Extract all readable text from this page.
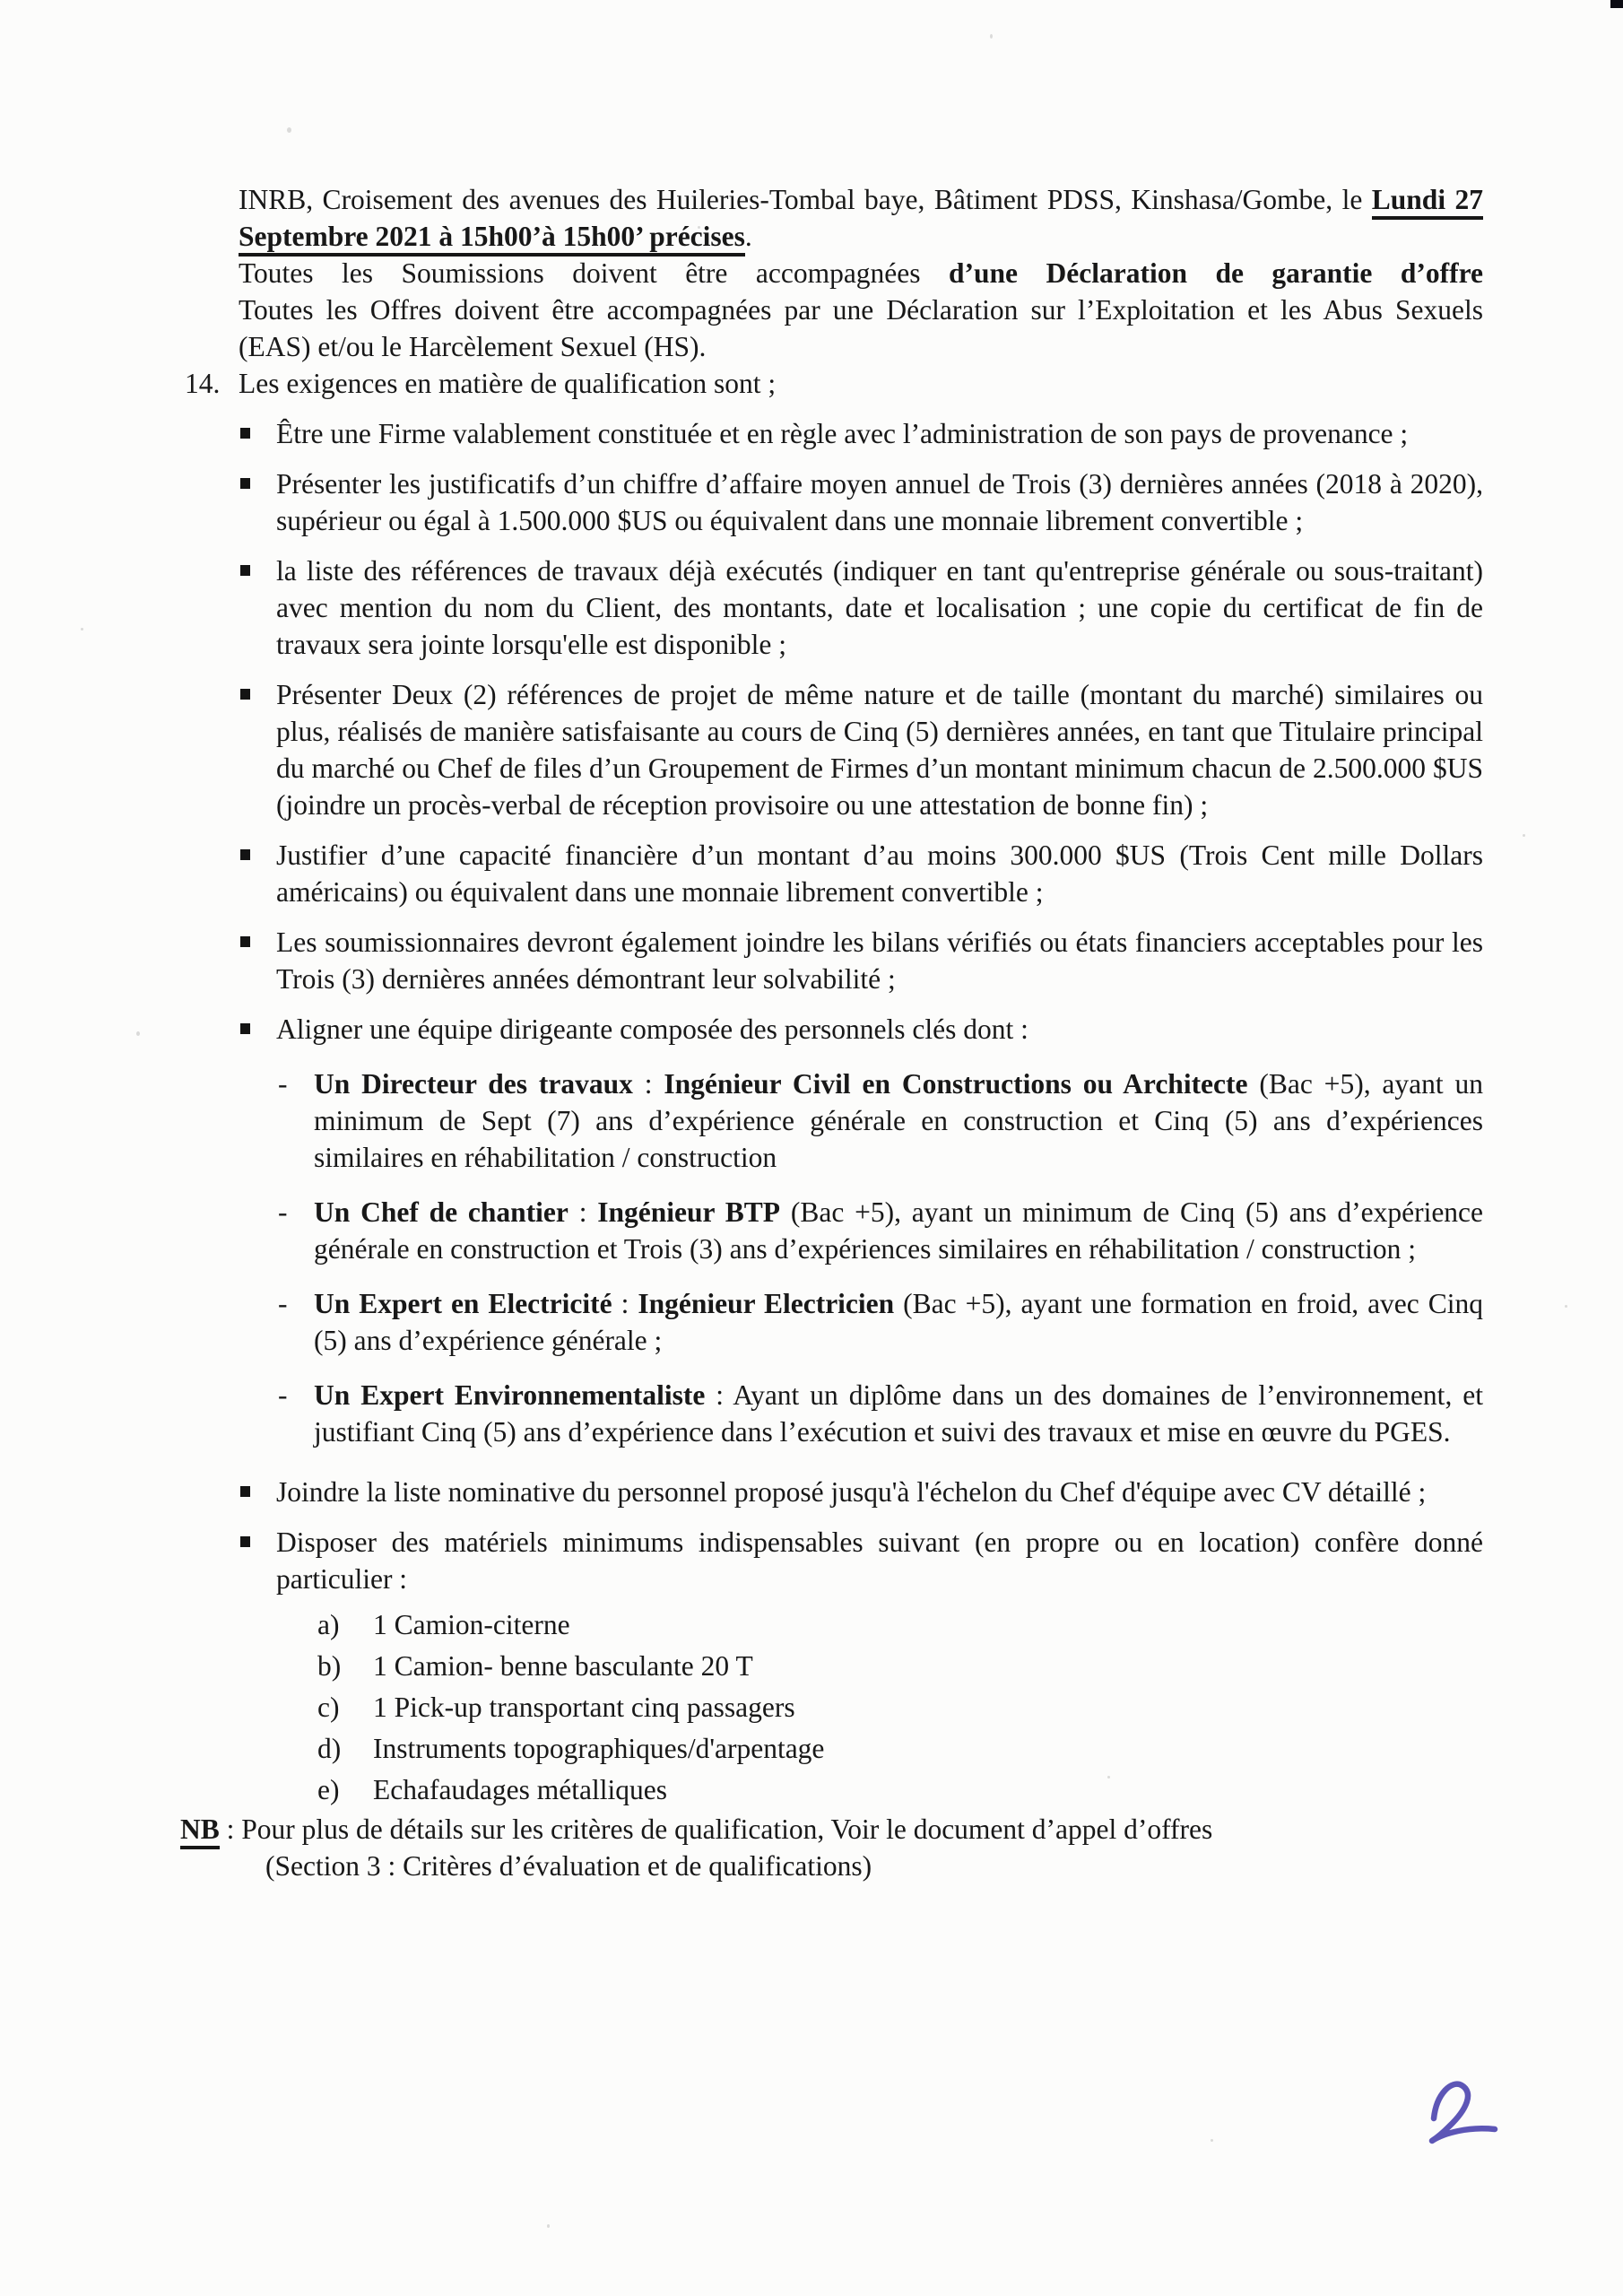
INRB, Croisement des avenues des Huileries-Tombal baye, Bâtiment PDSS, Kinshasa/Gombe, le Lundi 27 Septembre 2021 à 15h00’à 15h00’ précises.

Toutes les Soumissions doivent être accompagnées d’une Déclaration de garantie d’offre

Toutes les Offres doivent être accompagnées par une Déclaration sur l’Exploitation et les Abus Sexuels (EAS) et/ou le Harcèlement Sexuel (HS).

14. Les exigences en matière de qualification sont ;

Être une Firme valablement constituée et en règle avec l’administration de son pays de provenance ;
Présenter les justificatifs d’un chiffre d’affaire moyen annuel de Trois (3) dernières années (2018 à 2020), supérieur ou égal à 1.500.000 $US ou équivalent dans une monnaie librement convertible ;
la liste des références de travaux déjà exécutés (indiquer en tant qu'entreprise générale ou sous-traitant) avec mention du nom du Client, des montants, date et localisation ; une copie du certificat de fin de travaux sera jointe lorsqu'elle est disponible ;
Présenter Deux (2) références de projet de même nature et de taille (montant du marché) similaires ou plus, réalisés de manière satisfaisante au cours de Cinq (5) dernières années, en tant que Titulaire principal du marché ou Chef de files d’un Groupement de Firmes d’un montant minimum chacun de 2.500.000 $US (joindre un procès-verbal de réception provisoire ou une attestation de bonne fin) ;
Justifier d’une capacité financière d’un montant d’au moins 300.000 $US (Trois Cent mille Dollars américains) ou équivalent dans une monnaie librement convertible ;
Les soumissionnaires devront également joindre les bilans vérifiés ou états financiers acceptables pour les Trois (3) dernières années démontrant leur solvabilité ;
Aligner une équipe dirigeante composée des personnels clés dont :
- Un Directeur des travaux : Ingénieur Civil en Constructions ou Architecte (Bac +5), ayant un minimum de Sept (7) ans d’expérience générale en construction et Cinq (5) ans d’expériences similaires en réhabilitation / construction
- Un Chef de chantier : Ingénieur BTP (Bac +5), ayant un minimum de Cinq (5) ans d’expérience générale en construction et Trois (3) ans d’expériences similaires en réhabilitation / construction ;
- Un Expert en Electricité : Ingénieur Electricien (Bac +5), ayant une formation en froid, avec Cinq (5) ans d’expérience générale ;
- Un Expert Environnementaliste : Ayant un diplôme dans un des domaines de l’environnement, et justifiant Cinq (5) ans d’expérience dans l’exécution et suivi des travaux et mise en œuvre du PGES.
Joindre la liste nominative du personnel proposé jusqu'à l'échelon du Chef d'équipe avec CV détaillé ;
Disposer des matériels minimums indispensables suivant (en propre ou en location) confère donné particulier :
a) 1 Camion-citerne
b) 1 Camion- benne basculante 20 T
c) 1 Pick-up transportant cinq passagers
d) Instruments topographiques/d'arpentage
e) Echafaudages métalliques

NB : Pour plus de détails sur les critères de qualification, Voir le document d’appel d’offres
(Section 3 : Critères d’évaluation et de qualifications)
